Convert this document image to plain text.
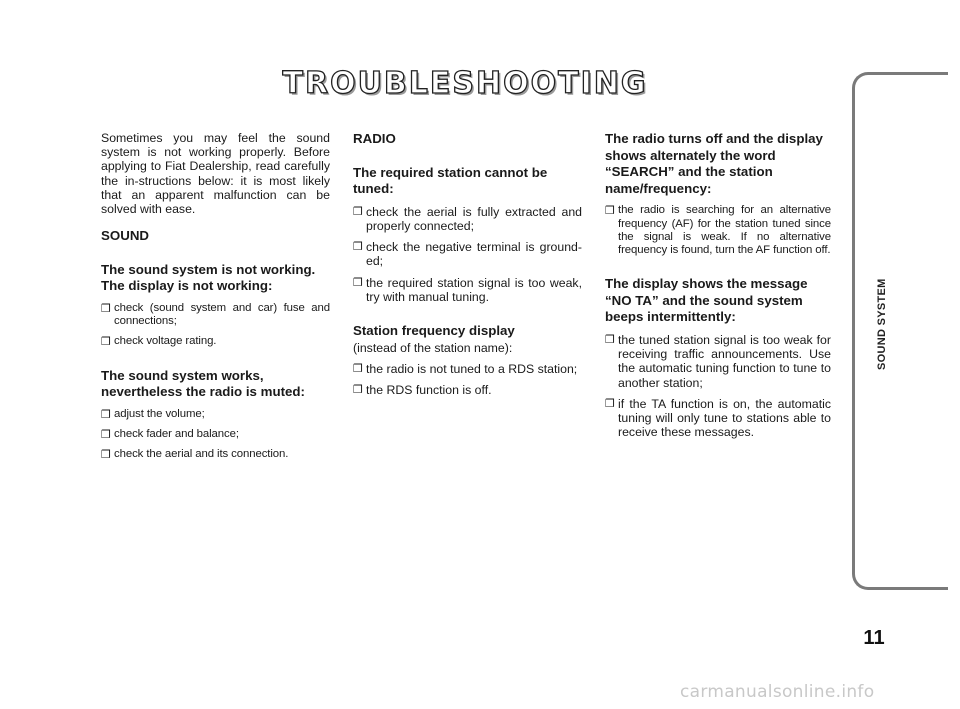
TROUBLESHOOTING

Sometimes you may feel the sound system is not working properly. Before applying to Fiat Dealership, read carefully the in-structions below: it is most likely that an apparent malfunction can be solved with ease.

SOUND
The sound system is not working. The display is not working:
❒ check (sound system and car) fuse and connections;
❒ check voltage rating.
The sound system works, nevertheless the radio is muted:
❒ adjust the volume;
❒ check fader and balance;
❒ check the aerial and its connection.
RADIO
The required station cannot be tuned:
❒ check the aerial is fully extracted and properly connected;
❒ check the negative terminal is ground-ed;
❒ the required station signal is too weak, try with manual tuning.
Station frequency display
(instead of the station name):
❒ the radio is not tuned to a RDS station;
❒ the RDS function is off.
The radio turns off and the display shows alternately the word “SEARCH” and the station name/frequency:
❒ the radio is searching for an alternative frequency (AF) for the station tuned since the signal is weak. If no alternative frequency is found, turn the AF function off.
The display shows the message “NO TA” and the sound system beeps intermittently:
❒ the tuned station signal is too weak for receiving traffic announcements. Use the automatic tuning function to tune to another station;
❒ if the TA function is on, the automatic tuning will only tune to stations able to receive these messages.
SOUND SYSTEM
11
carmanualsonline.info
